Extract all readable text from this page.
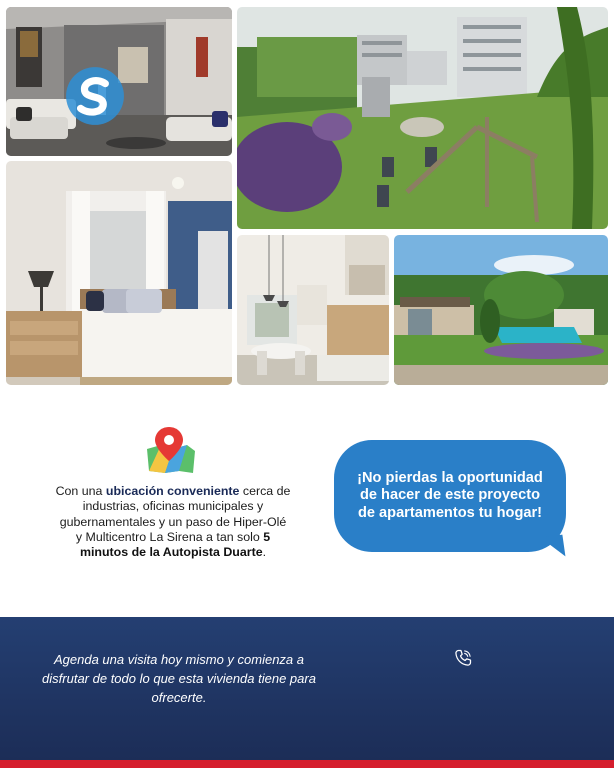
Con una ubicación conveniente cerca de industrias, oficinas municipales y gubernamentales y un paso de Hiper-Olé y Multicentro La Sirena a tan solo 5 minutos de la Autopista Duarte.
¡No pierdas la oportunidad de hacer de este proyecto de apartamentos tu hogar!
Agenda una visita hoy mismo y comienza a disfrutar de todo lo que esta vivienda tiene para ofrecerte.
